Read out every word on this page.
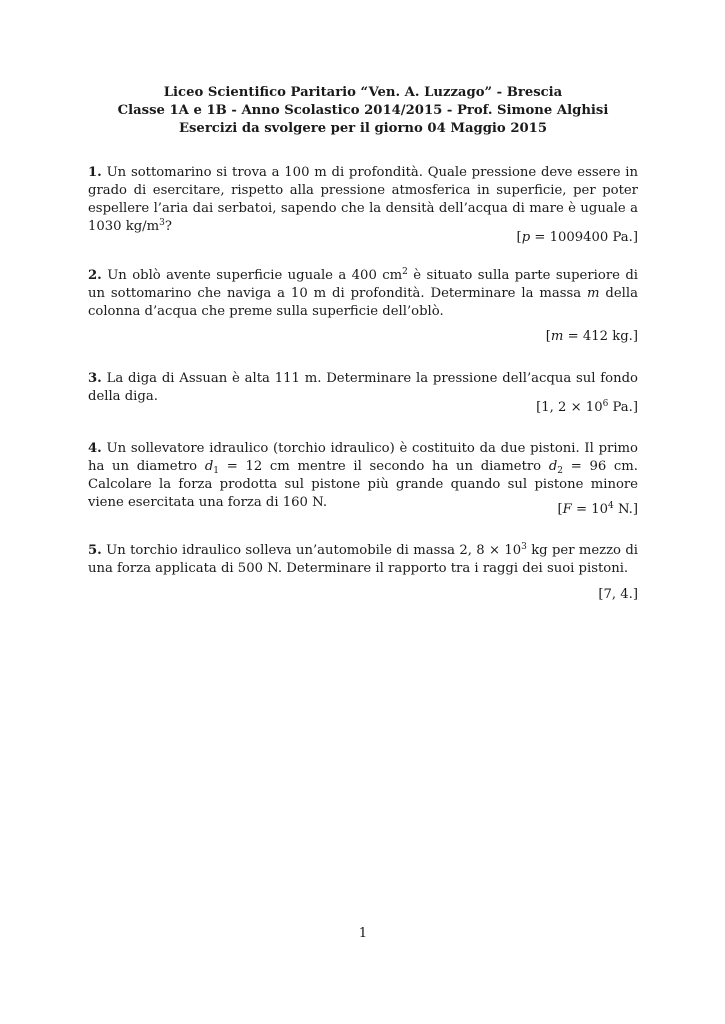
Liceo Scientifico Paritario “Ven. A. Luzzago” - Brescia
Classe 1A e 1B - Anno Scolastico 2014/2015 - Prof. Simone Alghisi
Esercizi da svolgere per il giorno 04 Maggio 2015
1. Un sottomarino si trova a 100 m di profondità. Quale pressione deve essere in grado di esercitare, rispetto alla pressione atmosferica in superficie, per poter espellere l’aria dai serbatoi, sapendo che la densità dell’acqua di mare è uguale a 1030 $kg/m^3$?
[p = 1009400 Pa.]
2. Un oblò avente superficie uguale a 400 $cm^2$ è situato sulla parte superiore di un sottomarino che naviga a 10 m di profondità. Determinare la massa m della colonna d’acqua che preme sulla superficie dell’oblò.
[m = 412 kg.]
3. La diga di Assuan è alta 111 m. Determinare la pressione dell’acqua sul fondo della diga.
[1, $2 \times 10^6$ Pa.]
4. Un sollevatore idraulico (torchio idraulico) è costituito da due pistoni. Il primo ha un diametro $d_1 = 12$ cm mentre il secondo ha un diametro $d_2 = 96$ cm. Calcolare la forza prodotta sul pistone più grande quando sul pistone minore viene esercitata una forza di 160 N.	[$F = 10^4$ N.]
5. Un torchio idraulico solleva un’automobile di massa 2, $8 \times 10^3$ kg per mezzo di una forza applicata di 500 N. Determinare il rapporto tra i raggi dei suoi pistoni.
[7, 4.]
1
